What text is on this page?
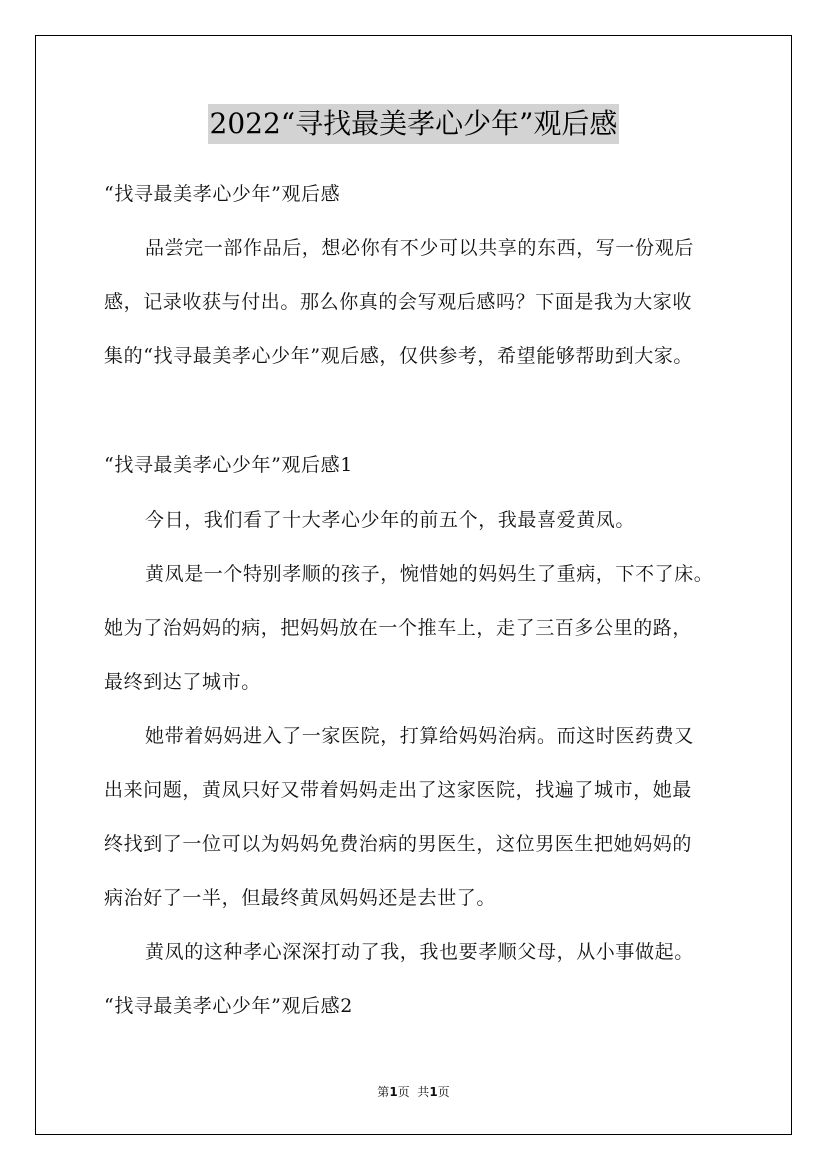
2022“寻找最美孝心少年”观后感
“找寻最美孝心少年”观后感
品尝完一部作品后，想必你有不少可以共享的东西，写一份观后
感，记录收获与付出。那么你真的会写观后感吗？下面是我为大家收
集的“找寻最美孝心少年”观后感，仅供参考，希望能够帮助到大家。
“找寻最美孝心少年”观后感1
今日，我们看了十大孝心少年的前五个，我最喜爱黄凤。
黄凤是一个特别孝顺的孩子，惋惜她的妈妈生了重病，下不了床。
她为了治妈妈的病，把妈妈放在一个推车上，走了三百多公里的路，
最终到达了城市。
她带着妈妈进入了一家医院，打算给妈妈治病。而这时医药费又
出来问题，黄凤只好又带着妈妈走出了这家医院，找遍了城市，她最
终找到了一位可以为妈妈免费治病的男医生，这位男医生把她妈妈的
病治好了一半，但最终黄凤妈妈还是去世了。
黄凤的这种孝心深深打动了我，我也要孝顺父母，从小事做起。
“找寻最美孝心少年”观后感2
第1页  共1页
